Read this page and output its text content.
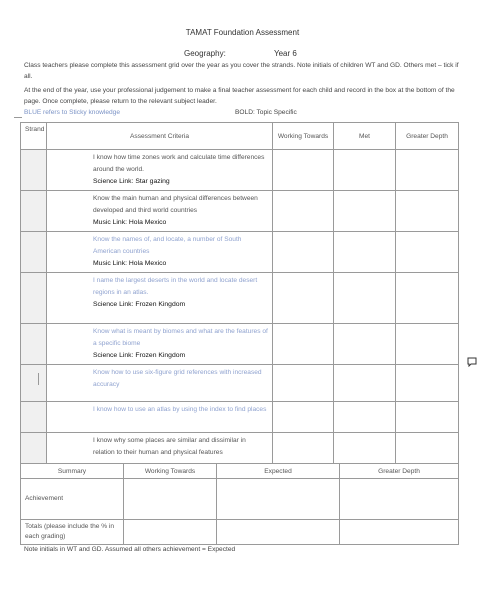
TAMAT Foundation Assessment
Geography:	Year 6
Class teachers please complete this assessment grid over the year as you cover the strands. Note initials of children WT and GD. Others met – tick if all.
At the end of the year, use your professional judgement to make a final teacher assessment for each child and record in the box at the bottom of the page. Once complete, please return to the relevant subject leader.
BLUE refers to Sticky knowledge	BOLD: Topic Specific
Strand	Assessment Criteria	Working Towards	Met	Greater Depth

	I know how time zones work and calculate time differences around the world.
Science Link: Star gazing			

	Know the main human and physical differences between developed and third world countries
Music Link: Hola Mexico			

	Know the names of, and locate, a number of South American countries
Music Link: Hola Mexico			

	I name the largest deserts in the world and locate desert regions in an atlas.
Science Link: Frozen Kingdom			

	Know what is meant by biomes and what are the features of a specific biome
Science Link: Frozen Kingdom			

	Know how to use six-figure grid references with increased accuracy			

	I know how to use an atlas by using the index to find places			

	I know why some places are similar and dissimilar in relation to their human and physical features			

Summary	Working Towards	Expected	Greater Depth
Achievement			
Totals (please include the % in each grading)			
Note initials in WT and GD. Assumed all others achievement = Expected
